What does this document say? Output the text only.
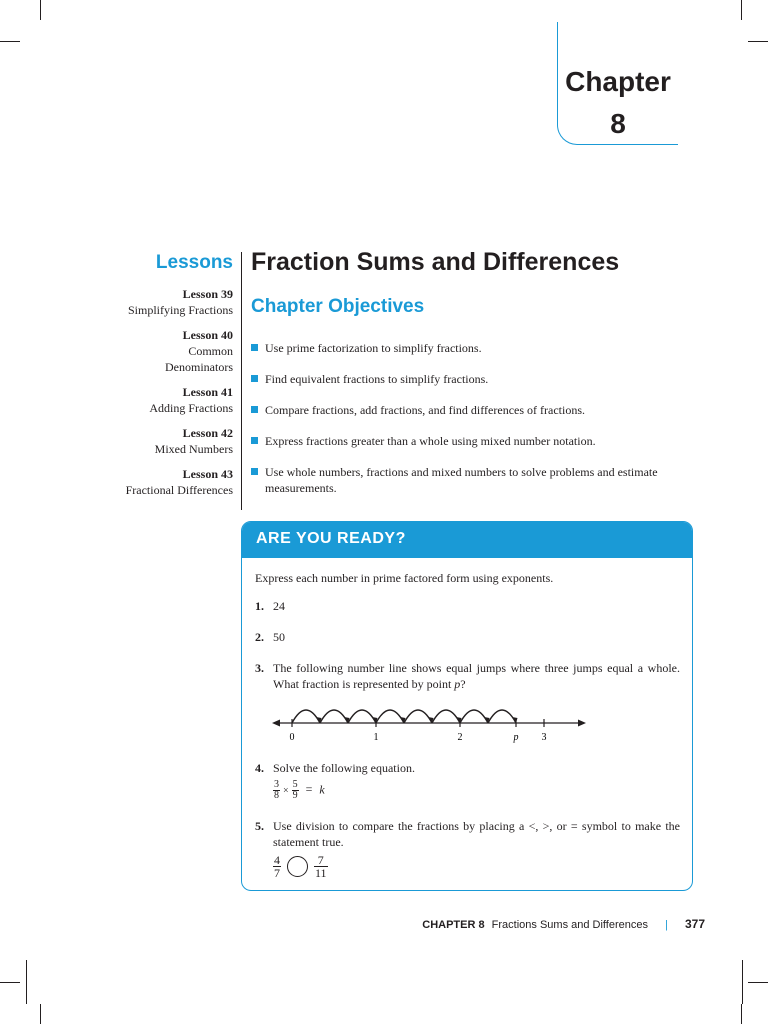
Chapter
8
Lessons
Lesson 39
Simplifying Fractions
Lesson 40
Common Denominators
Lesson 41
Adding Fractions
Lesson 42
Mixed Numbers
Lesson 43
Fractional Differences
Fraction Sums and Differences
Chapter Objectives
Use prime factorization to simplify fractions.
Find equivalent fractions to simplify fractions.
Compare fractions, add fractions, and find differences of fractions.
Express fractions greater than a whole using mixed number notation.
Use whole numbers, fractions and mixed numbers to solve problems and estimate measurements.
ARE YOU READY?
Express each number in prime factored form using exponents.
1. 24
2. 50
3. The following number line shows equal jumps where three jumps equal a whole. What fraction is represented by point p?
0	1	2	p 3
4. Solve the following equation.
$\frac{3}{8} \times \frac{5}{9} = k$
5. Use division to compare the fractions by placing a <, >, or = symbol to make the statement true.
$\frac{4}{7}$
	$\frac{7}{11}$
CHAPTER 8 Fractions Sums and Differences | 377
